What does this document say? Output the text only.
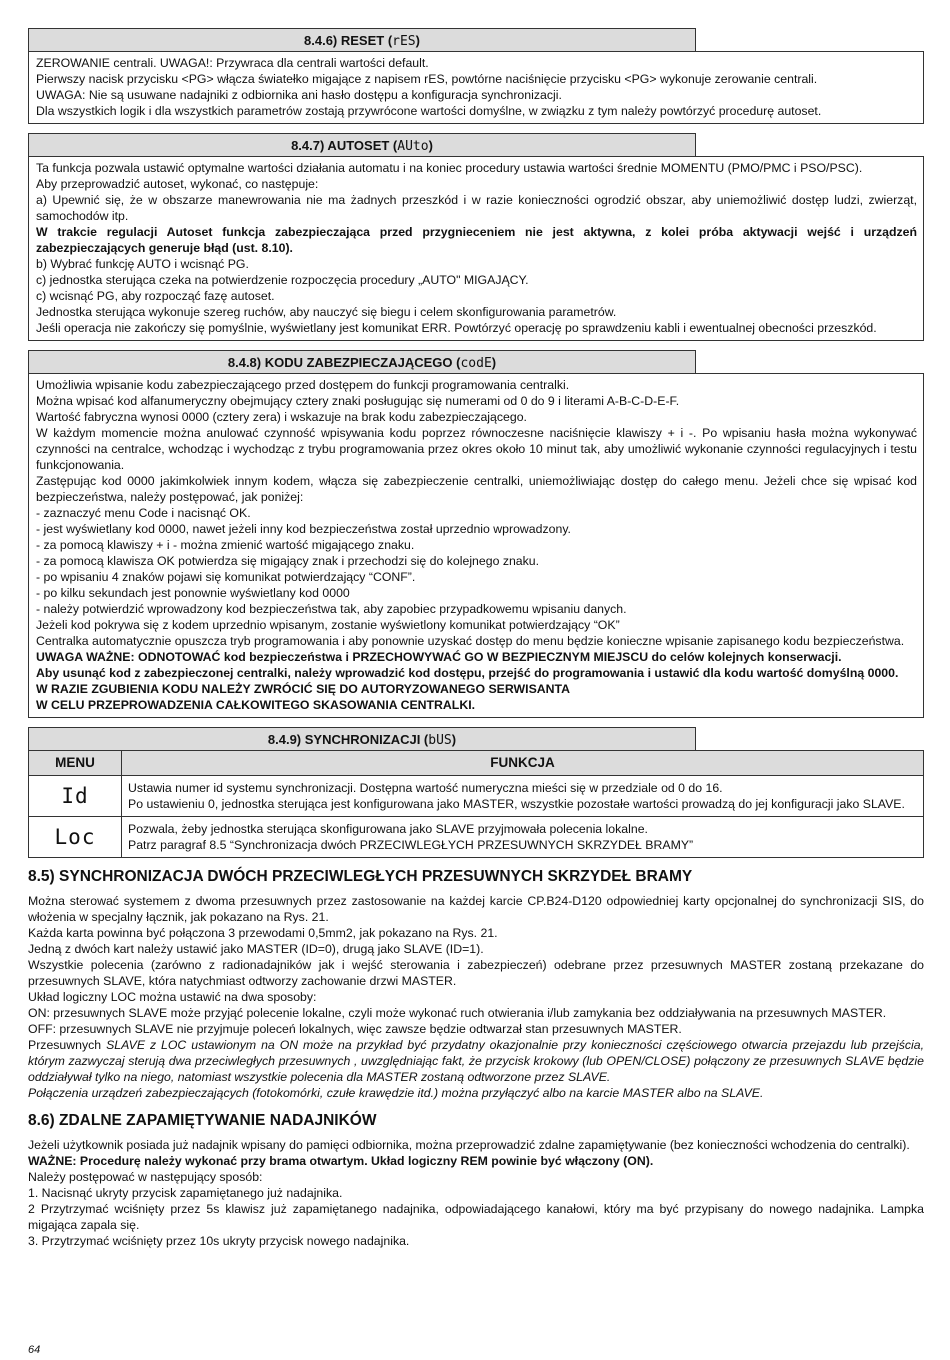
8.4.6) RESET (rES)

ZEROWANIE centrali. UWAGA!: Przywraca dla centrali wartości default.

Pierwszy nacisk przycisku <PG> włącza światełko migające z napisem rES, powtórne naciśnięcie przycisku <PG> wykonuje zerowanie centrali.

UWAGA: Nie są usuwane nadajniki z odbiornika ani hasło dostępu a konfiguracja synchronizacji.

Dla wszystkich logik i dla wszystkich parametrów zostają przywrócone wartości domyślne, w związku z tym należy powtórzyć procedurę autoset.

8.4.7) AUTOSET (AUto)

Ta funkcja pozwala ustawić optymalne wartości działania automatu i na koniec procedury ustawia wartości średnie MOMENTU (PMO/PMC i PSO/PSC).

Aby przeprowadzić autoset, wykonać, co następuje:

a) Upewnić się, że w obszarze manewrowania nie ma żadnych przeszkód i w razie konieczności ogrodzić obszar, aby uniemożliwić dostęp ludzi, zwierząt, samochodów itp.

W trakcie regulacji Autoset funkcja zabezpieczająca przed przygnieceniem nie jest aktywna, z kolei próba aktywacji wejść i urządzeń zabezpieczających generuje błąd (ust. 8.10).

b) Wybrać funkcję AUTO i wcisnąć PG.

c) jednostka sterująca czeka na potwierdzenie rozpoczęcia procedury „AUTO" MIGAJĄCY.

c) wcisnąć PG, aby rozpocząć fazę autoset.

Jednostka sterująca wykonuje szereg ruchów, aby nauczyć się biegu i celem skonfigurowania parametrów.

Jeśli operacja nie zakończy się pomyślnie, wyświetlany jest komunikat ERR. Powtórzyć operację po sprawdzeniu kabli i ewentualnej obecności przeszkód.

8.4.8) KODU ZABEZPIECZAJĄCEGO (codE)

Umożliwia wpisanie kodu zabezpieczającego przed dostępem do funkcji programowania centralki.

Można wpisać kod alfanumeryczny obejmujący cztery znaki posługując się numerami od 0 do 9 i literami A-B-C-D-E-F.

Wartość fabryczna wynosi 0000 (cztery zera) i wskazuje na brak kodu zabezpieczającego.

W każdym momencie można anulować czynność wpisywania kodu poprzez równoczesne naciśnięcie klawiszy + i -. Po wpisaniu hasła można wykonywać czynności na centralce, wchodząc i wychodząc z trybu programowania przez okres około 10 minut tak, aby umożliwić wykonanie czynności regulacyjnych i testu funkcjonowania.

Zastępując kod 0000 jakimkolwiek innym kodem, włącza się zabezpieczenie centralki, uniemożliwiając dostęp do całego menu. Jeżeli chce się wpisać kod bezpieczeństwa, należy postępować, jak poniżej:

- zaznaczyć menu Code i nacisnąć OK.

- jest wyświetlany kod 0000, nawet jeżeli inny kod bezpieczeństwa został uprzednio wprowadzony.

- za pomocą klawiszy + i - można zmienić wartość migającego znaku.

- za pomocą klawisza OK potwierdza się migający znak i przechodzi się do kolejnego znaku.

- po wpisaniu 4 znaków pojawi się komunikat potwierdzający “CONF”.

- po kilku sekundach jest ponownie wyświetlany kod 0000

- należy potwierdzić wprowadzony kod bezpieczeństwa tak, aby zapobiec przypadkowemu wpisaniu danych.

Jeżeli kod pokrywa się z kodem uprzednio wpisanym, zostanie wyświetlony komunikat potwierdzający “OK”

Centralka automatycznie opuszcza tryb programowania i aby ponownie uzyskać dostęp do menu będzie konieczne wpisanie zapisanego kodu bezpieczeństwa.

UWAGA WAŻNE: ODNOTOWAĆ kod bezpieczeństwa i PRZECHOWYWAĆ GO W BEZPIECZNYM MIEJSCU do celów kolejnych konserwacji.

Aby usunąć kod z zabezpieczonej centralki, należy wprowadzić kod dostępu, przejść do programowania i ustawić dla kodu wartość domyślną 0000.

W RAZIE ZGUBIENIA KODU NALEŻY ZWRÓCIĆ SIĘ DO AUTORYZOWANEGO SERWISANTA

W CELU PRZEPROWADZENIA CAŁKOWITEGO SKASOWANIA CENTRALKI.

8.4.9) SYNCHRONIZACJI (bUS)
MENU	FUNKCJA
Id	Ustawia numer id systemu synchronizacji. Dostępna wartość numeryczna mieści się w przedziale od 0 do 16.
Po ustawieniu 0, jednostka sterująca jest konfigurowana jako MASTER, wszystkie pozostałe wartości prowadzą do jej konfiguracji jako SLAVE.

Loc	Pozwala, żeby jednostka sterująca skonfigurowana jako SLAVE przyjmowała polecenia lokalne.
Patrz paragraf 8.5 “Synchronizacja dwóch PRZECIWLEGŁYCH PRZESUWNYCH SKRZYDEŁ BRAMY”
8.5) SYNCHRONIZACJA DWÓCH PRZECIWLEGŁYCH PRZESUWNYCH SKRZYDEŁ BRAMY

Można sterować systemem z dwoma przesuwnych przez zastosowanie na każdej karcie CP.B24-D120 odpowiedniej karty opcjonalnej do synchronizacji SIS, do włożenia w specjalny łącznik, jak pokazano na Rys. 21.

Każda karta powinna być połączona 3 przewodami 0,5mm2, jak pokazano na Rys. 21.

Jedną z dwóch kart należy ustawić jako MASTER (ID=0), drugą jako SLAVE (ID=1).

Wszystkie polecenia (zarówno z radionadajników jak i wejść sterowania i zabezpieczeń) odebrane przez przesuwnych MASTER zostaną przekazane do przesuwnych SLAVE, która natychmiast odtworzy zachowanie drzwi MASTER.

Układ logiczny LOC można ustawić na dwa sposoby:

ON: przesuwnych SLAVE może przyjąć polecenie lokalne, czyli może wykonać ruch otwierania i/lub zamykania bez oddziaływania na przesuwnych MASTER.

OFF: przesuwnych SLAVE nie przyjmuje poleceń lokalnych, więc zawsze będzie odtwarzał stan przesuwnych MASTER.

Przesuwnych SLAVE z LOC ustawionym na ON może na przykład być przydatny okazjonalnie przy konieczności częściowego otwarcia przejazdu lub przejścia, którym zazwyczaj sterują dwa przeciwległych przesuwnych , uwzględniając fakt, że przycisk krokowy (lub OPEN/CLOSE) połączony ze przesuwnych SLAVE będzie oddziaływał tylko na niego, natomiast wszystkie polecenia dla MASTER zostaną odtworzone przez SLAVE.

Połączenia urządzeń zabezpieczających (fotokomórki, czułe krawędzie itd.) można przyłączyć albo na karcie MASTER albo na SLAVE.

8.6) ZDALNE ZAPAMIĘTYWANIE NADAJNIKÓW

Jeżeli użytkownik posiada już nadajnik wpisany do pamięci odbiornika, można przeprowadzić zdalne zapamiętywanie (bez konieczności wchodzenia do centralki).

WAŻNE: Procedurę należy wykonać przy brama otwartym. Układ logiczny REM powinie być włączony (ON).

Należy postępować w następujący sposób:

1. Nacisnąć ukryty przycisk zapamiętanego już nadajnika.

2 Przytrzymać wciśnięty przez 5s klawisz już zapamiętanego nadajnika, odpowiadającego kanałowi, który ma być przypisany do nowego nadajnika. Lampka migająca zapala się.

3. Przytrzymać wciśnięty przez 10s ukryty przycisk nowego nadajnika.

64
